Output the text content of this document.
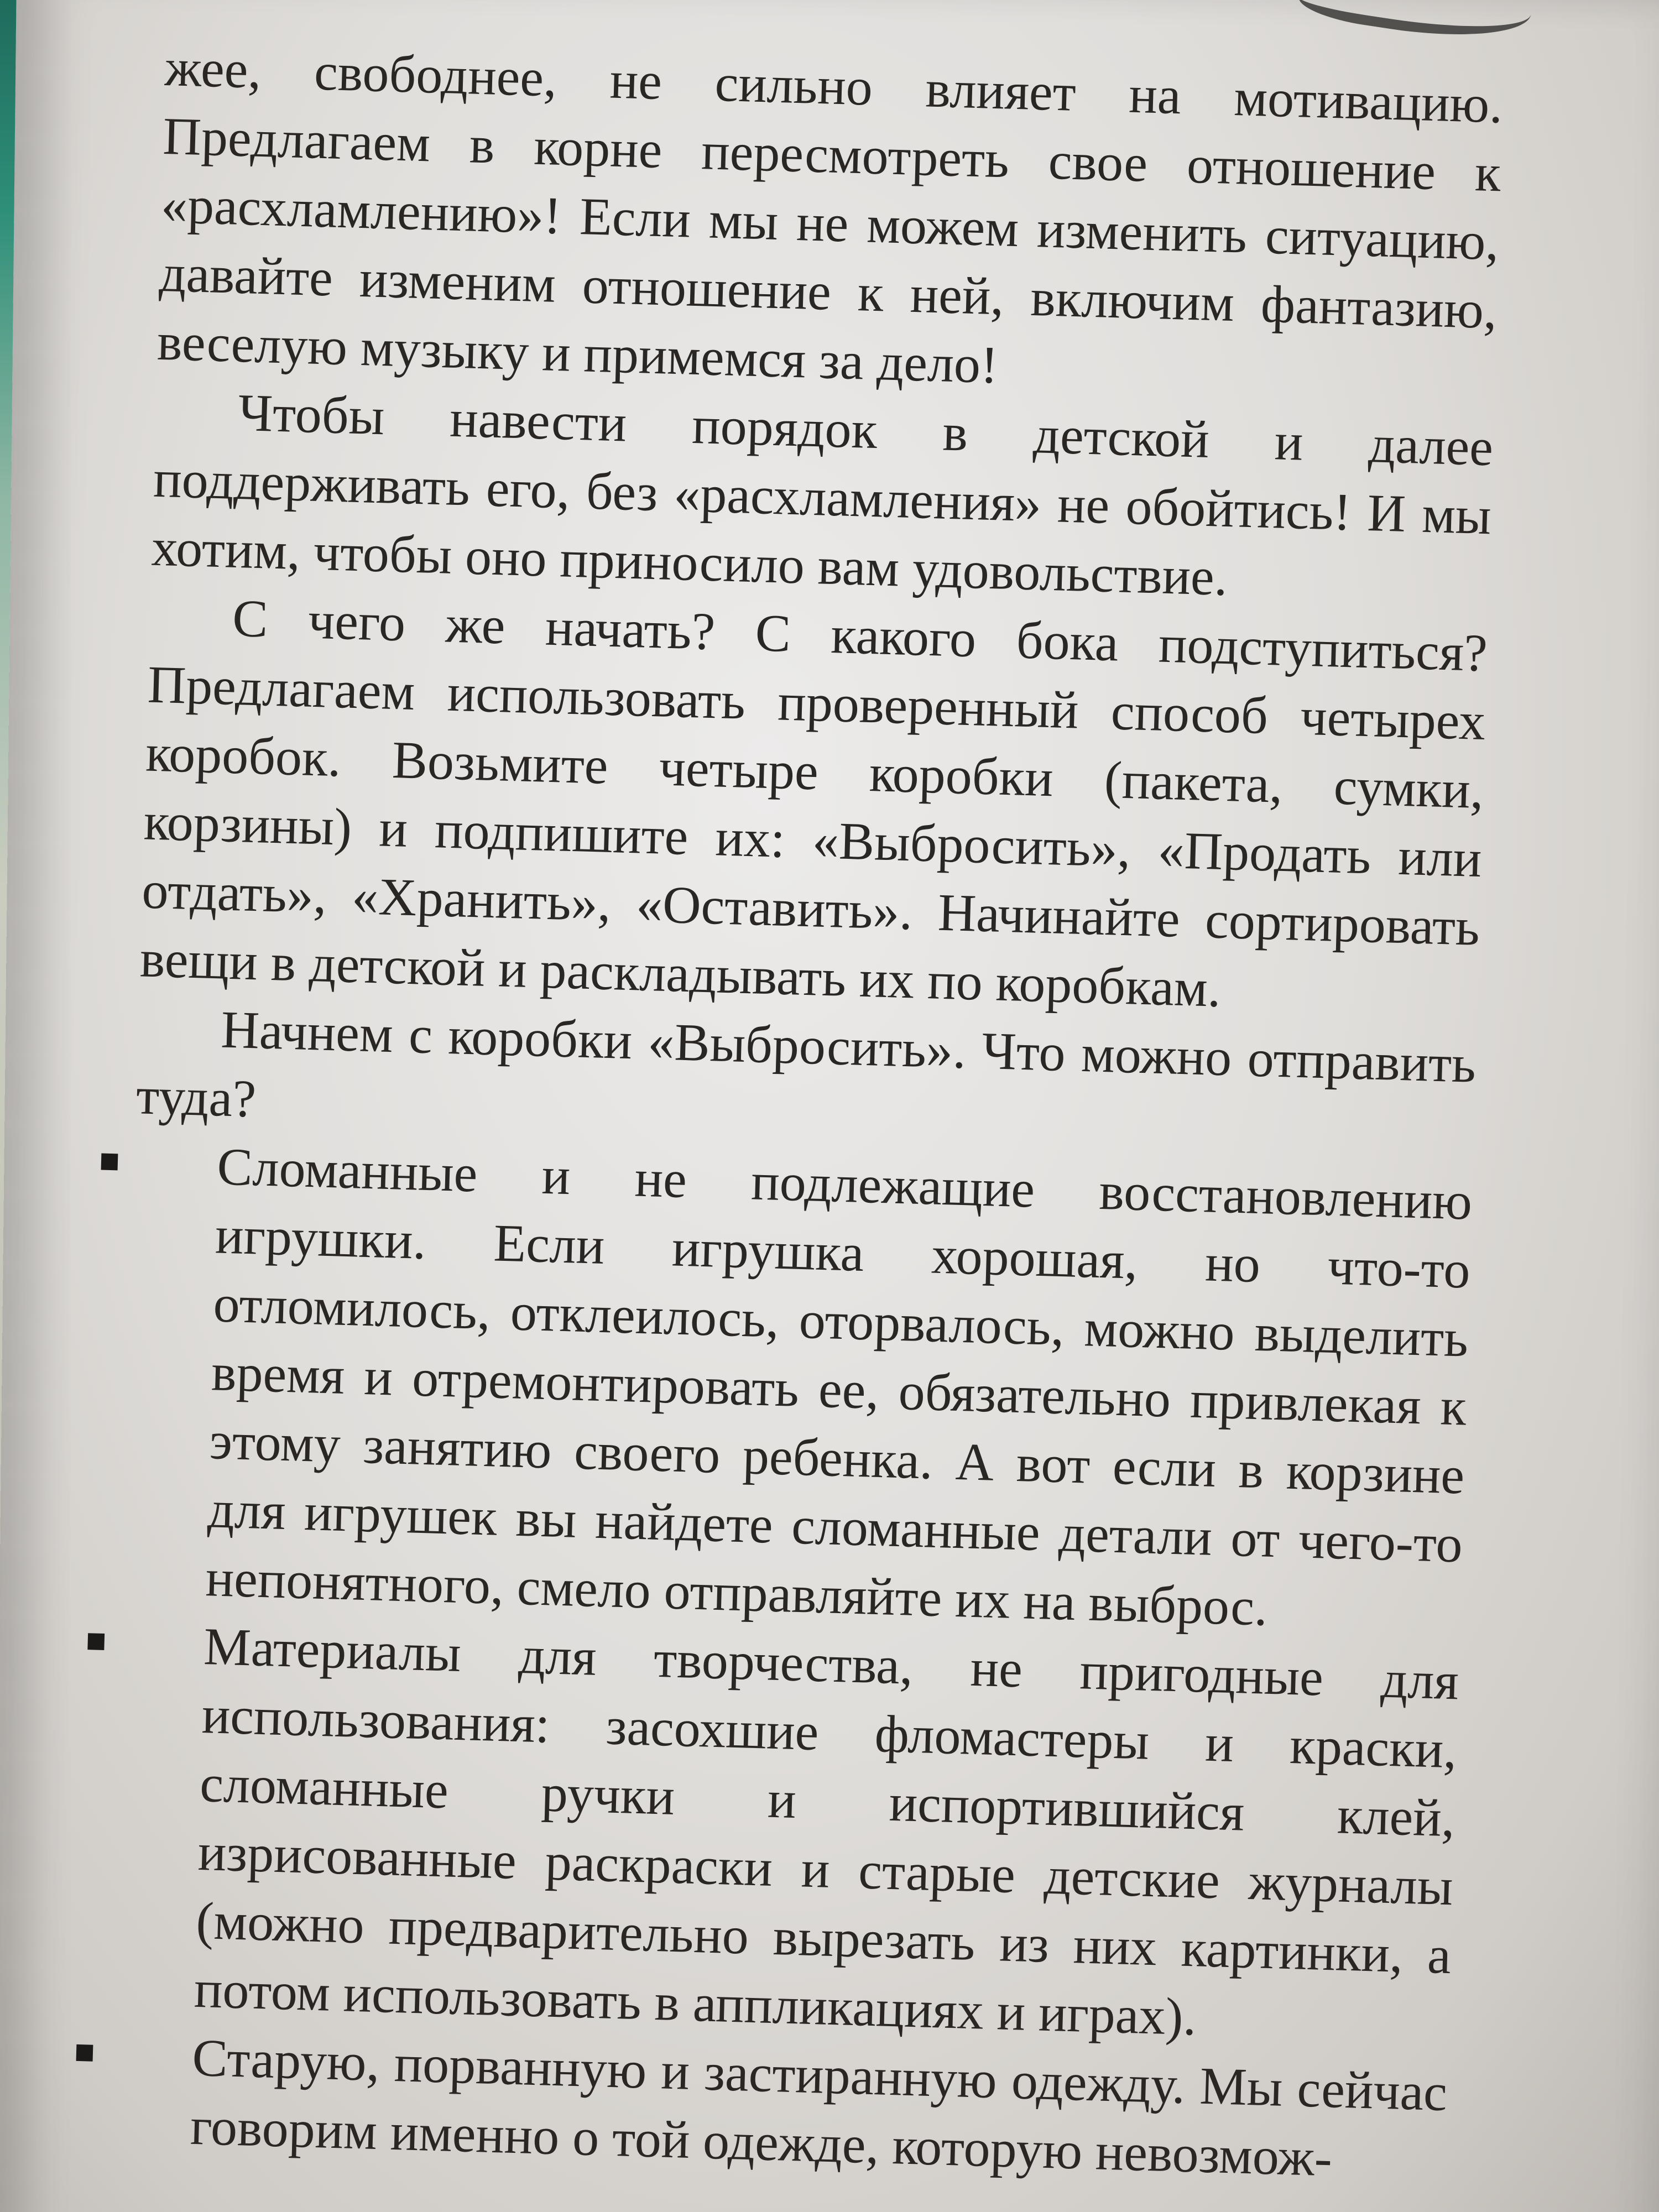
жее, свободнее, не сильно влияет на мотивацию. Предлагаем в корне пересмотреть свое отношение к «расхламлению»! Если мы не можем изменить ситуацию, давайте изменим отношение к ней, включим фантазию, веселую музыку и примемся за дело!

Чтобы навести порядок в детской и далее поддерживать его, без «расхламления» не обойтись! И мы хотим, чтобы оно приносило вам удовольствие.

С чего же начать? С какого бока подступиться? Предлагаем использовать проверенный способ четырех коробок. Возьмите четыре коробки (пакета, сумки, корзины) и подпишите их: «Выбросить», «Продать или отдать», «Хранить», «Оставить». Начинайте сортировать вещи в детской и раскладывать их по коробкам.

Начнем с коробки «Выбросить». Что можно отправить туда?

Сломанные и не подлежащие восстановлению игрушки. Если игрушка хорошая, но что-то отломилось, отклеилось, оторвалось, можно выделить время и отремонтировать ее, обязательно привлекая к этому занятию своего ребенка. А вот если в корзине для игрушек вы найдете сломанные детали от чего-то непонятного, смело отправляйте их на выброс.
Материалы для творчества, не пригодные для использования: засохшие фломастеры и краски, сломанные ручки и испортившийся клей, изрисованные раскраски и старые детские журналы (можно предварительно вырезать из них картинки, а потом использовать в аппликациях и играх).
Старую, порванную и застиранную одежду. Мы сейчас говорим именно о той одежде, которую невозмож-
